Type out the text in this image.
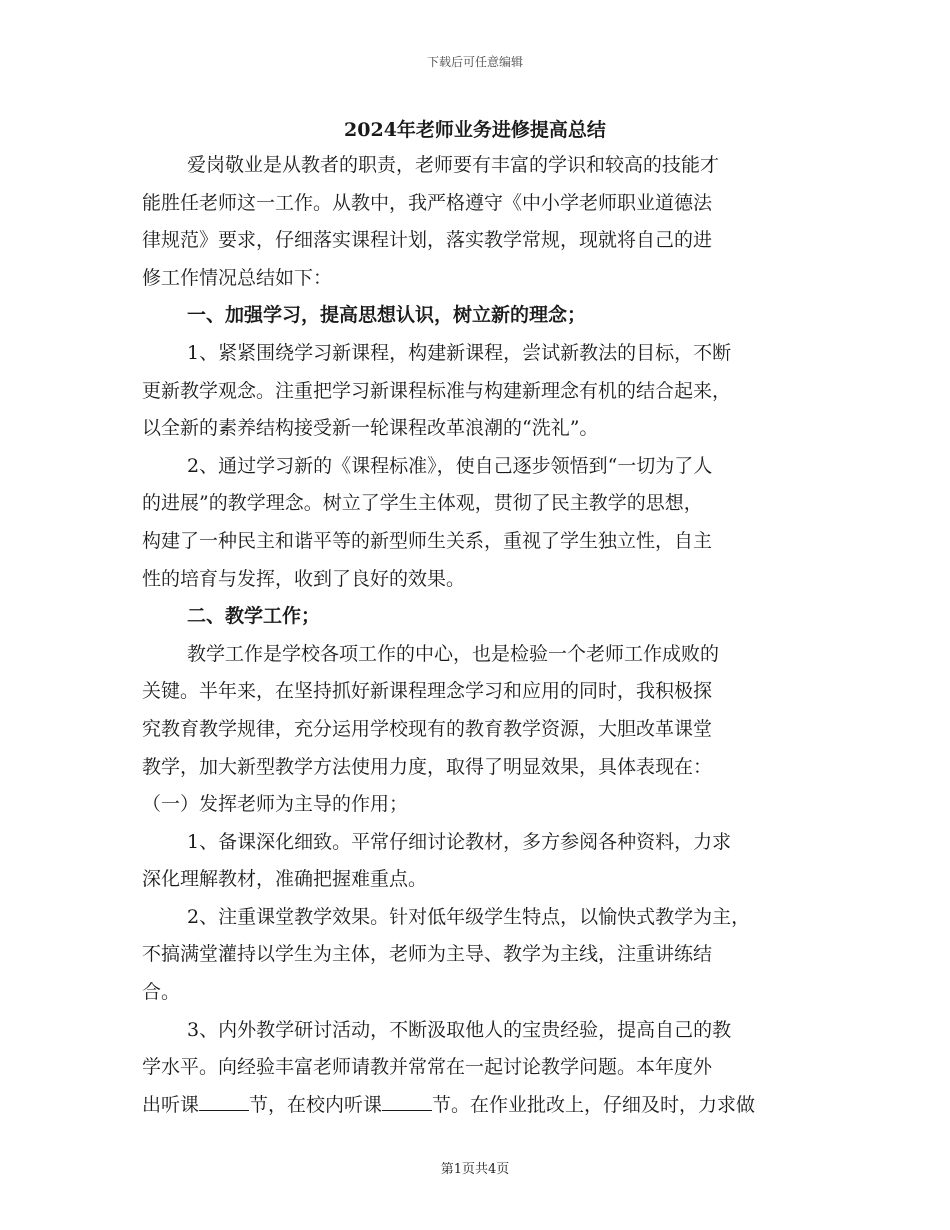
下载后可任意编辑
2024年老师业务进修提高总结

爱岗敬业是从教者的职责，老师要有丰富的学识和较高的技能才

能胜任老师这一工作。从教中，我严格遵守《中小学老师职业道德法

律规范》要求，仔细落实课程计划，落实教学常规，现就将自己的进

修工作情况总结如下：

一、加强学习，提高思想认识，树立新的理念；

1、紧紧围绕学习新课程，构建新课程，尝试新教法的目标，不断

更新教学观念。注重把学习新课程标准与构建新理念有机的结合起来，

以全新的素养结构接受新一轮课程改革浪潮的“洗礼”。

2、通过学习新的《课程标准》，使自己逐步领悟到“一切为了人

的进展”的教学理念。树立了学生主体观，贯彻了民主教学的思想，

构建了一种民主和谐平等的新型师生关系，重视了学生独立性，自主

性的培育与发挥，收到了良好的效果。

二、教学工作；

教学工作是学校各项工作的中心，也是检验一个老师工作成败的

关键。半年来，在坚持抓好新课程理念学习和应用的同时，我积极探

究教育教学规律，充分运用学校现有的教育教学资源，大胆改革课堂

教学，加大新型教学方法使用力度，取得了明显效果，具体表现在：

（一）发挥老师为主导的作用；

1、备课深化细致。平常仔细讨论教材，多方参阅各种资料，力求

深化理解教材，准确把握难重点。

2、注重课堂教学效果。针对低年级学生特点，以愉快式教学为主，

不搞满堂灌持以学生为主体，老师为主导、教学为主线，注重讲练结

合。

3、内外教学研讨活动，不断汲取他人的宝贵经验，提高自己的教

学水平。向经验丰富老师请教并常常在一起讨论教学问题。本年度外

出听课	节，在校内听课	节。在作业批改上，仔细及时，力求做

第1页共4页
